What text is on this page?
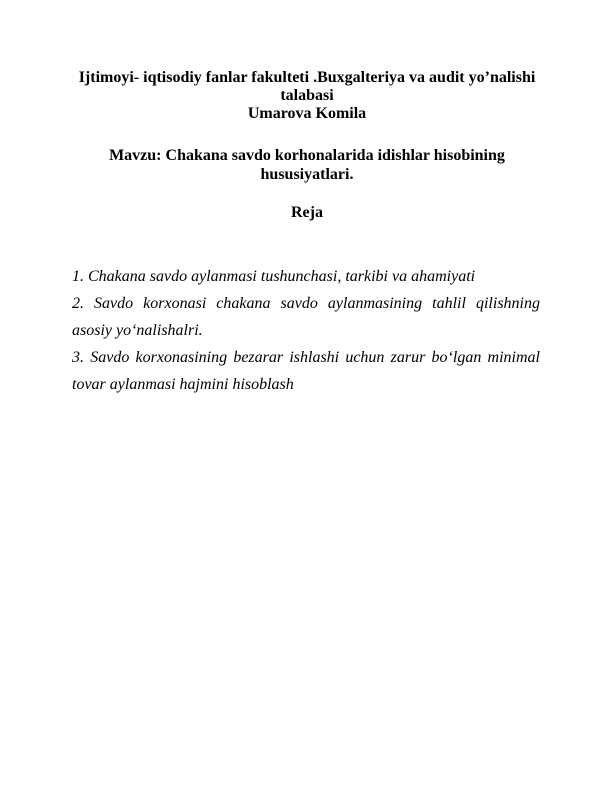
Ijtimoyi- iqtisodiy fanlar fakulteti .Buxgalteriya va audit yo’nalishi
talabasi
Umarova Komila
Mavzu: Chakana savdo korhonalarida idishlar hisobining
hususiyatlari.
Reja
1. Chakana savdo aylanmasi tushunchasi, tarkibi va ahamiyati
2. Savdo korxonasi chakana savdo aylanmasining tahlil qilishning
asosiy yo‘nalishalri.
3. Savdo korxonasining bezarar ishlashi uchun zarur bo‘lgan minimal
tovar aylanmasi hajmini hisoblash
